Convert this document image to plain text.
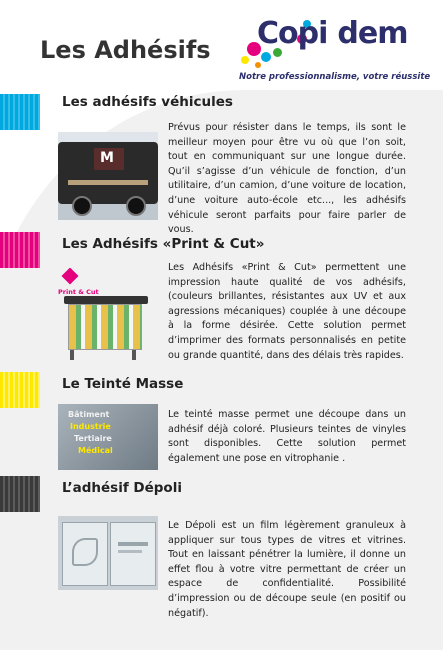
Les Adhésifs Copi dem
Notre professionnalisme, votre réussite
Les adhésifs véhicules
M
Prévus pour résister dans le temps, ils sont le meilleur moyen pour être vu où que l’on soit, tout en communiquant sur une longue durée. Qu’il s’agisse d’un véhicule de fonction, d’un utilitaire, d’un camion, d’une voiture de location, d’une voiture auto-école etc..., les adhésifs véhicule seront parfaits pour faire parler de vous.
Les Adhésifs «Print & Cut»
Print & Cut
Les Adhésifs «Print & Cut» permettent une impression haute qualité de vos adhésifs, (couleurs brillantes, résistantes aux UV et aux agressions mécaniques) couplée à une découpe à la forme désirée. Cette solution permet d’imprimer des formats personnalisés en petite ou grande quantité, dans des délais très rapides.
Le Teinté Masse
Bâtiment
Industrie
Tertiaire
Médical
Le teinté masse permet une découpe dans un adhésif déjà coloré. Plusieurs teintes de vinyles sont disponibles. Cette solution permet également une pose en vitrophanie .
L’adhésif Dépoli
Le Dépoli est un film légèrement granuleux à appliquer sur tous types de vitres et vitrines. Tout en laissant pénétrer la lumière, il donne un effet flou à votre vitre permettant de créer un espace de confidentialité. Possibilité d’impression ou de découpe seule (en positif ou négatif).
